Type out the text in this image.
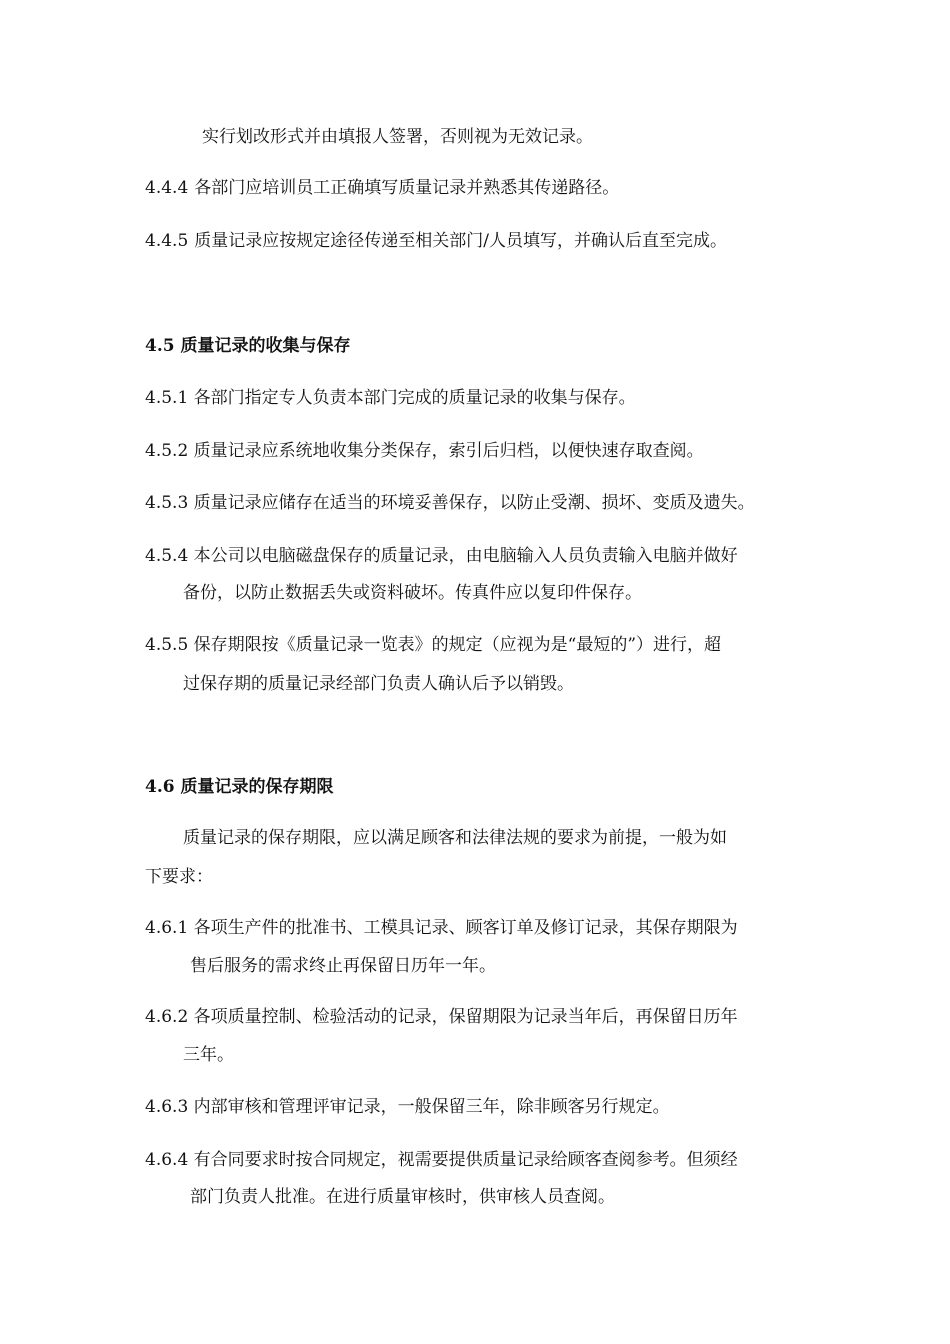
实行划改形式并由填报人签署，否则视为无效记录。
4.4.4 各部门应培训员工正确填写质量记录并熟悉其传递路径。
4.4.5 质量记录应按规定途径传递至相关部门/人员填写，并确认后直至完成。
4.5 质量记录的收集与保存
4.5.1 各部门指定专人负责本部门完成的质量记录的收集与保存。
4.5.2 质量记录应系统地收集分类保存，索引后归档，以便快速存取查阅。
4.5.3 质量记录应储存在适当的环境妥善保存，以防止受潮、损坏、变质及遗失。
4.5.4 本公司以电脑磁盘保存的质量记录，由电脑输入人员负责输入电脑并做好
备份，以防止数据丢失或资料破坏。传真件应以复印件保存。
4.5.5 保存期限按《质量记录一览表》的规定（应视为是“最短的”）进行，超
过保存期的质量记录经部门负责人确认后予以销毁。
4.6 质量记录的保存期限
质量记录的保存期限，应以满足顾客和法律法规的要求为前提，一般为如
下要求：
4.6.1 各项生产件的批准书、工模具记录、顾客订单及修订记录，其保存期限为
售后服务的需求终止再保留日历年一年。
4.6.2 各项质量控制、检验活动的记录，保留期限为记录当年后，再保留日历年
三年。
4.6.3 内部审核和管理评审记录，一般保留三年，除非顾客另行规定。
4.6.4 有合同要求时按合同规定，视需要提供质量记录给顾客查阅参考。但须经
部门负责人批准。在进行质量审核时，供审核人员查阅。
